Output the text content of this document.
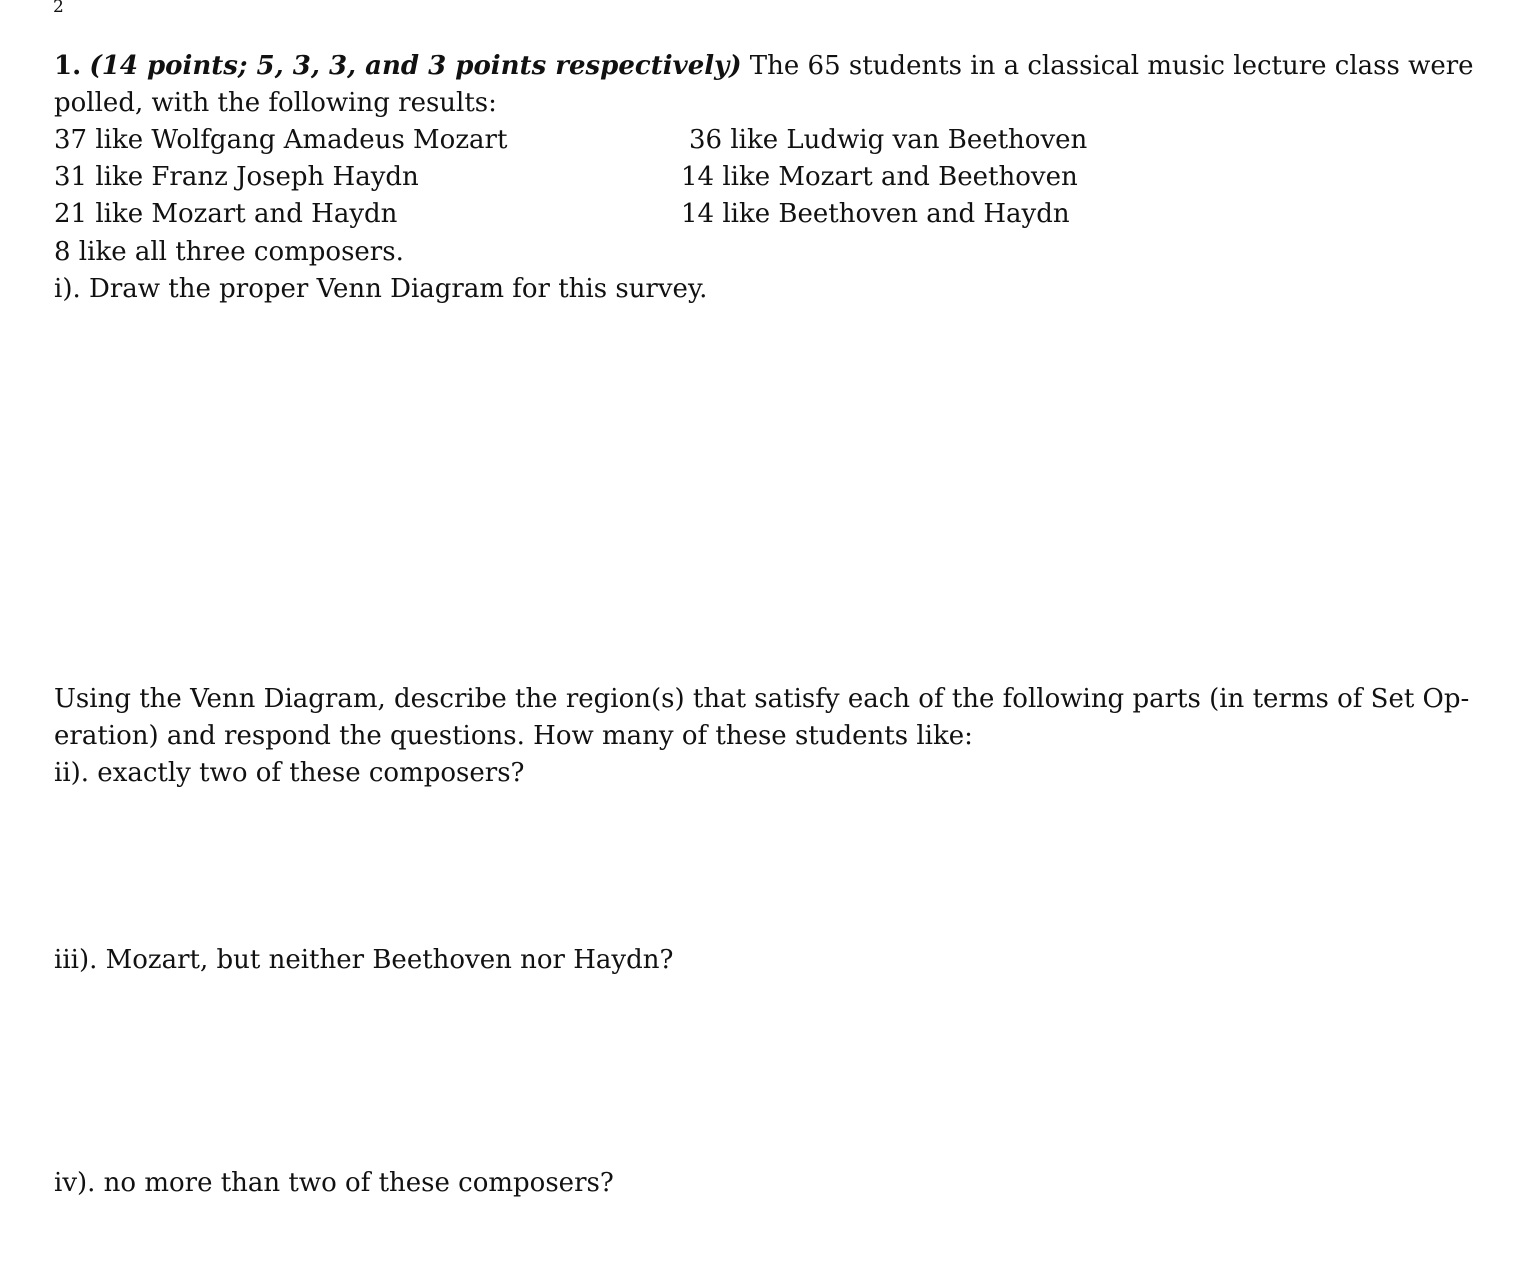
2
1. (14 points; 5, 3, 3, and 3 points respectively) The 65 students in a classical music lecture class were
polled, with the following results:
37 like Wolfgang Amadeus Mozart	36 like Ludwig van Beethoven
31 like Franz Joseph Haydn	14 like Mozart and Beethoven
21 like Mozart and Haydn	14 like Beethoven and Haydn
8 like all three composers.
i). Draw the proper Venn Diagram for this survey.
Using the Venn Diagram, describe the region(s) that satisfy each of the following parts (in terms of Set Op-
eration) and respond the questions. How many of these students like:
ii). exactly two of these composers?
iii). Mozart, but neither Beethoven nor Haydn?
iv). no more than two of these composers?
